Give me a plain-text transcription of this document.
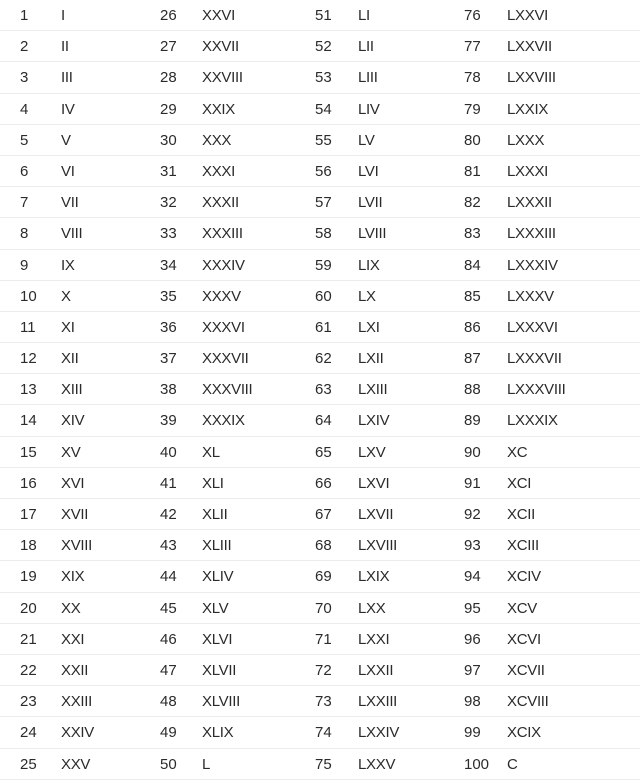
1 I
2 II
3 III
4 IV
5 V
6 VI
7 VII
8 VIII
9 IX
10 X
11 XI
12 XII
13 XIII
14 XIV
15 XV
16 XVI
17 XVII
18 XVIII
19 XIX
20 XX
21 XXI
22 XXII
23 XXIII
24 XXIV
25 XXV
26 XXVI
27 XXVII
28 XXVIII
29 XXIX
30 XXX
31 XXXI
32 XXXII
33 XXXIII
34 XXXIV
35 XXXV
36 XXXVI
37 XXXVII
38 XXXVIII
39 XXXIX
40 XL
41 XLI
42 XLII
43 XLIII
44 XLIV
45 XLV
46 XLVI
47 XLVII
48 XLVIII
49 XLIX
50 L
51 LI
52 LII
53 LIII
54 LIV
55 LV
56 LVI
57 LVII
58 LVIII
59 LIX
60 LX
61 LXI
62 LXII
63 LXIII
64 LXIV
65 LXV
66 LXVI
67 LXVII
68 LXVIII
69 LXIX
70 LXX
71 LXXI
72 LXXII
73 LXXIII
74 LXXIV
75 LXXV
76 LXXVI
77 LXXVII
78 LXXVIII
79 LXXIX
80 LXXX
81 LXXXI
82 LXXXII
83 LXXXIII
84 LXXXIV
85 LXXXV
86 LXXXVI
87 LXXXVII
88 LXXXVIII
89 LXXXIX
90 XC
91 XCI
92 XCII
93 XCIII
94 XCIV
95 XCV
96 XCVI
97 XCVII
98 XCVIII
99 XCIX
100 C
